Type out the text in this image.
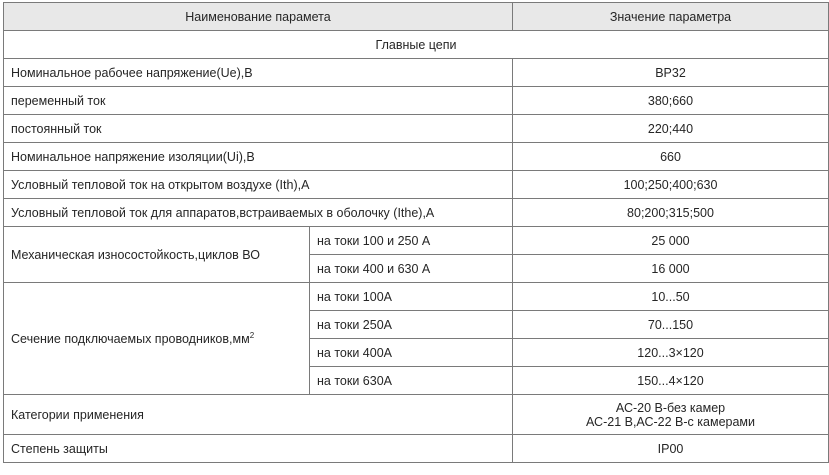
Наименование парамета		Значение параметра
Главные цепи		
Номинальное рабочее напряжение(Ue),В		BP32
переменный ток		380;660
постоянный ток		220;440
Номинальное напряжение изоляции(Ui),В		660
Условный тепловой ток на открытом воздухе (Ith),А		100;250;400;630
Условный тепловой ток для аппаратов,встраиваемых в оболочку (Ithe),А		80;200;315;500
Механическая износостойкость,циклов ВО	на токи 100 и 250 А	25 000
	на токи 400 и 630 А	16 000
Сечение подключаемых $проводников,мм^2$	на токи 100А	10...50
	на токи 250А	70...150
	на токи 400А	120...3×120
	на токи 630А	150...4×120
Категории применения		АС-20 В-без камер
АС-21 В,АС-22 В-с камерами

Степень защиты		IP00
